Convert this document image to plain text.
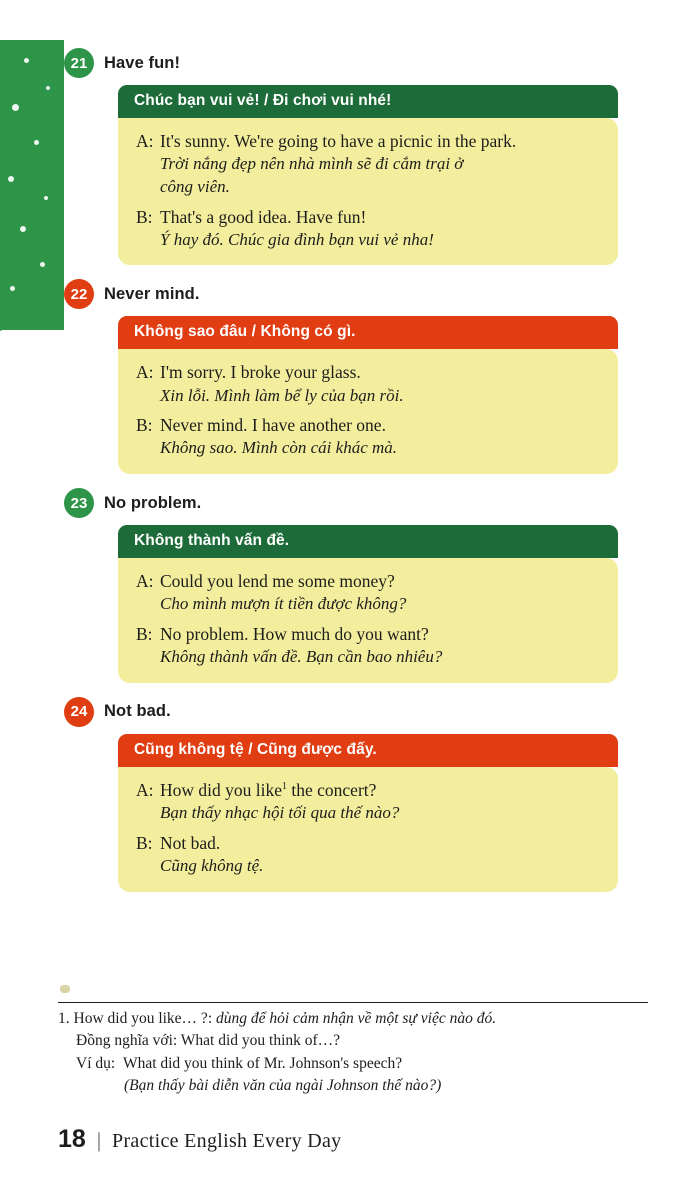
21	Have fun!
Chúc bạn vui vẻ! / Đi chơi vui nhé!
A: It's sunny. We're going to have a picnic in the park.
Trời nắng đẹp nên nhà mình sẽ đi cắm trại ở
công viên.
B: That's a good idea. Have fun!
Ý hay đó. Chúc gia đình bạn vui vẻ nha!
22	Never mind.
Không sao đâu / Không có gì.
A: I'm sorry. I broke your glass.
Xin lỗi. Mình làm bể ly của bạn rồi.
B: Never mind. I have another one.
Không sao. Mình còn cái khác mà.
23	No problem.
Không thành vấn đề.
A: Could you lend me some money?
Cho mình mượn ít tiền được không?
B: No problem. How much do you want?
Không thành vấn đề. Bạn cần bao nhiêu?
24	Not bad.
Cũng không tệ / Cũng được đấy.
A: How did you like$^1$ the concert?
Bạn thấy nhạc hội tối qua thế nào?
B: Not bad.
Cũng không tệ.
1. How did you like… ?: dùng để hỏi cảm nhận về một sự việc nào đó.
Đồng nghĩa với: What did you think of…?
Ví dụ: What did you think of Mr. Johnson's speech?
(Bạn thấy bài diễn văn của ngài Johnson thế nào?)
18 | Practice English Every Day
